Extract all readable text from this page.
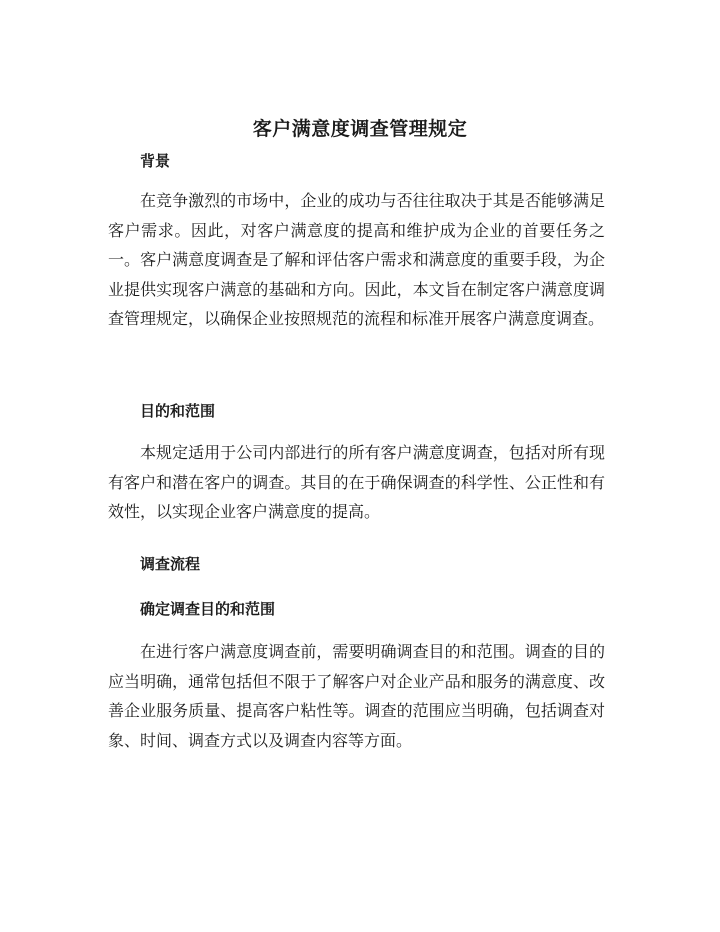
客户满意度调查管理规定
背景

在竞争激烈的市场中，企业的成功与否往往取决于其是否能够满足客户需求。因此，对客户满意度的提高和维护成为企业的首要任务之一。客户满意度调查是了解和评估客户需求和满意度的重要手段，为企业提供实现客户满意的基础和方向。因此，本文旨在制定客户满意度调查管理规定，以确保企业按照规范的流程和标准开展客户满意度调查。

目的和范围

本规定适用于公司内部进行的所有客户满意度调查，包括对所有现有客户和潜在客户的调查。其目的在于确保调查的科学性、公正性和有效性，以实现企业客户满意度的提高。

调查流程
确定调查目的和范围

在进行客户满意度调查前，需要明确调查目的和范围。调查的目的应当明确，通常包括但不限于了解客户对企业产品和服务的满意度、改善企业服务质量、提高客户粘性等。调查的范围应当明确，包括调查对象、时间、调查方式以及调查内容等方面。
